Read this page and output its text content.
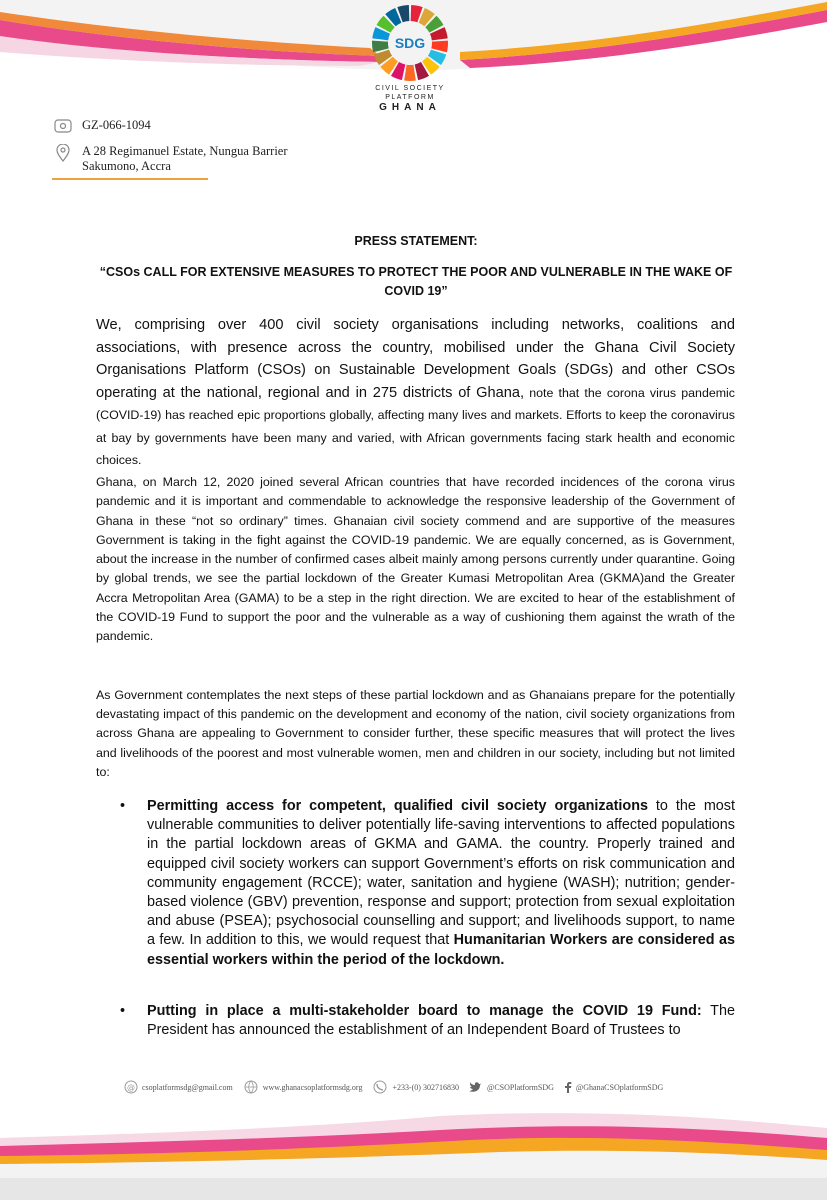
SDG
CIVIL SOCIETY
PLATFORM
GHANA
GZ-066-1094
A 28 Regimanuel Estate, Nungua Barrier
Sakumono, Accra
PRESS STATEMENT:
“CSOs CALL FOR EXTENSIVE MEASURES TO PROTECT THE POOR AND VULNERABLE IN THE WAKE OF COVID 19”
We, comprising over 400 civil society organisations including networks, coalitions and associations, with presence across the country, mobilised under the Ghana Civil Society Organisations Platform (CSOs) on Sustainable Development Goals (SDGs) and other CSOs operating at the national, regional and in 275 districts of Ghana, note that the corona virus pandemic (COVID-19) has reached epic proportions globally, affecting many lives and markets. Efforts to keep the coronavirus at bay by governments have been many and varied, with African governments facing stark health and economic choices.
Ghana, on March 12, 2020 joined several African countries that have recorded incidences of the corona virus pandemic and it is important and commendable to acknowledge the responsive leadership of the Government of Ghana in these “not so ordinary” times. Ghanaian civil society commend and are supportive of the measures Government is taking in the fight against the COVID-19 pandemic. We are equally concerned, as is Government, about the increase in the number of confirmed cases albeit mainly among persons currently under quarantine. Going by global trends, we see the partial lockdown of the Greater Kumasi Metropolitan Area (GKMA)and the Greater Accra Metropolitan Area (GAMA) to be a step in the right direction. We are excited to hear of the establishment of the COVID-19 Fund to support the poor and the vulnerable as a way of cushioning them against the wrath of the pandemic.
As Government contemplates the next steps of these partial lockdown and as Ghanaians prepare for the potentially devastating impact of this pandemic on the development and economy of the nation, civil society organizations from across Ghana are appealing to Government to consider further, these specific measures that will protect the lives and livelihoods of the poorest and most vulnerable women, men and children in our society, including but not limited to:
• Permitting access for competent, qualified civil society organizations to the most vulnerable communities to deliver potentially life-saving interventions to affected populations in the partial lockdown areas of GKMA and GAMA. the country. Properly trained and equipped civil society workers can support Government’s efforts on risk communication and community engagement (RCCE); water, sanitation and hygiene (WASH); nutrition; gender-based violence (GBV) prevention, response and support; protection from sexual exploitation and abuse (PSEA); psychosocial counselling and support; and livelihoods support, to name a few. In addition to this, we would request that Humanitarian Workers are considered as essential workers within the period of the lockdown.
• Putting in place a multi-stakeholder board to manage the COVID 19 Fund: The President has announced the establishment of an Independent Board of Trustees to
@ csoplatformsdg@gmail.com	www.ghanacsoplatformsdg.org	+233-(0) 302716830	@CSOPlatformSDG	@GhanaCSOplatformSDG
